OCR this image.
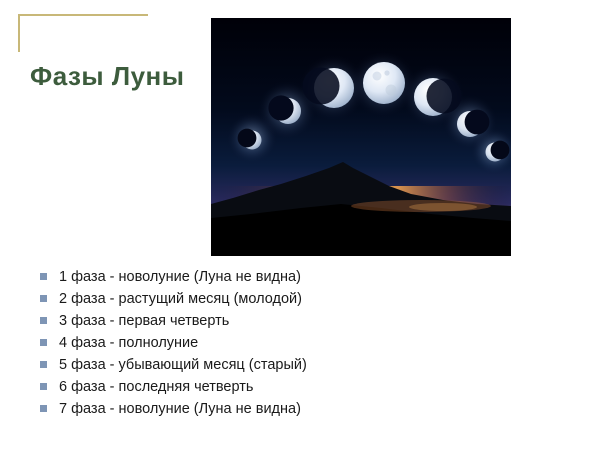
Фазы Луны
1 фаза - новолуние (Луна не видна)
2 фаза - растущий месяц (молодой)
3 фаза - первая четверть
4 фаза - полнолуние
5 фаза - убывающий месяц (старый)
6 фаза - последняя четверть
7 фаза - новолуние (Луна не видна)
